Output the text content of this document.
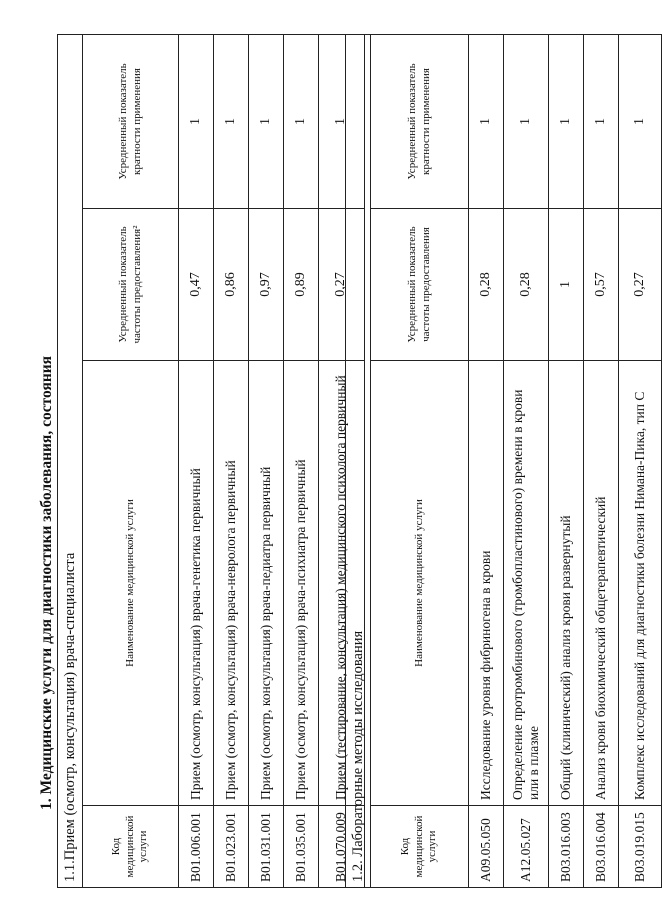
1. Медицинские услуги для диагностики заболевания, состояния 1.1.Прием (осмотр, консультация) врача-специалиста			
Код медицинской услуги	Наименование медицинской услуги	Усредненный показатель частоты предоставления²	Усредненный показатель кратности применения
B01.006.001	Прием (осмотр, консультация) врача-генетика первичный	0,47	1
B01.023.001	Прием (осмотр, консультация) врача-невролога первичный	0,86	1
B01.031.001	Прием (осмотр, консультация) врача-педиатра первичный	0,97	1
B01.035.001	Прием (осмотр, консультация) врача-психиатра первичный	0,89	1
B01.070.009	Прием (тестирование, консультация) медицинского психолога первичный	0,27	1
1.2. Лабораторные методы исследования			
Код медицинской услуги	Наименование медицинской услуги	Усредненный показатель частоты предоставления	Усредненный показатель кратности применения
A09.05.050	Исследование уровня фибриногена в крови	0,28	1
A12.05.027	Определение протромбинового (тромбопластинового) времени в крови или в плазме	0,28	1
B03.016.003	Общий (клинический) анализ крови развернутый	1	1
B03.016.004	Анализ крови биохимический общетерапевтический	0,57	1
B03.019.015	Комплекс исследований для диагностики болезни Нимана-Пика, тип С	0,27	1
